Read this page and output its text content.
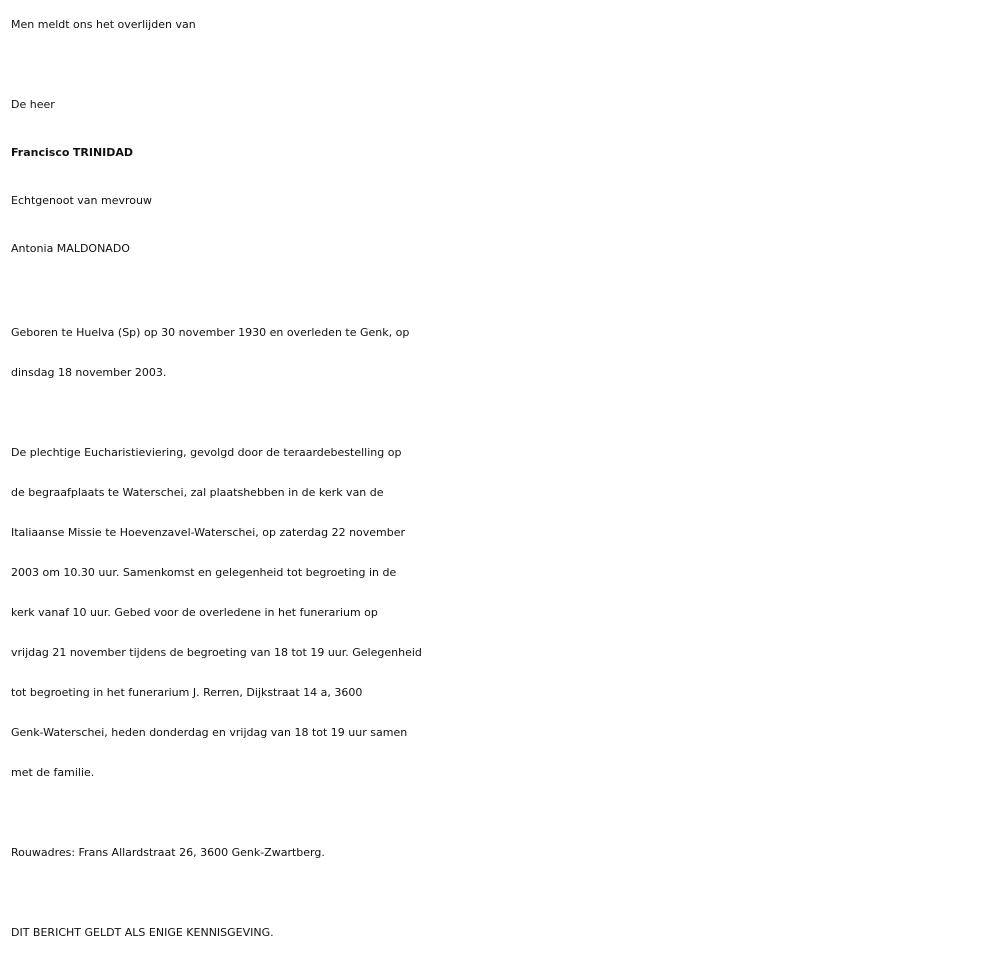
Men meldt ons het overlijden van
De heer
Francisco TRINIDAD
Echtgenoot van mevrouw
Antonia MALDONADO
Geboren te Huelva (Sp) op 30 november 1930 en overleden te Genk, op
dinsdag 18 november 2003.
De plechtige Eucharistieviering, gevolgd door de teraardebestelling op
de begraafplaats te Waterschei, zal plaatshebben in de kerk van de
Italiaanse Missie te Hoevenzavel-Waterschei, op zaterdag 22 november
2003 om 10.30 uur. Samenkomst en gelegenheid tot begroeting in de
kerk vanaf 10 uur. Gebed voor de overledene in het funerarium op
vrijdag 21 november tijdens de begroeting van 18 tot 19 uur. Gelegenheid
tot begroeting in het funerarium J. Rerren, Dijkstraat 14 a, 3600
Genk-Waterschei, heden donderdag en vrijdag van 18 tot 19 uur samen
met de familie.
Rouwadres: Frans Allardstraat 26, 3600 Genk-Zwartberg.
DIT BERICHT GELDT ALS ENIGE KENNISGEVING.
